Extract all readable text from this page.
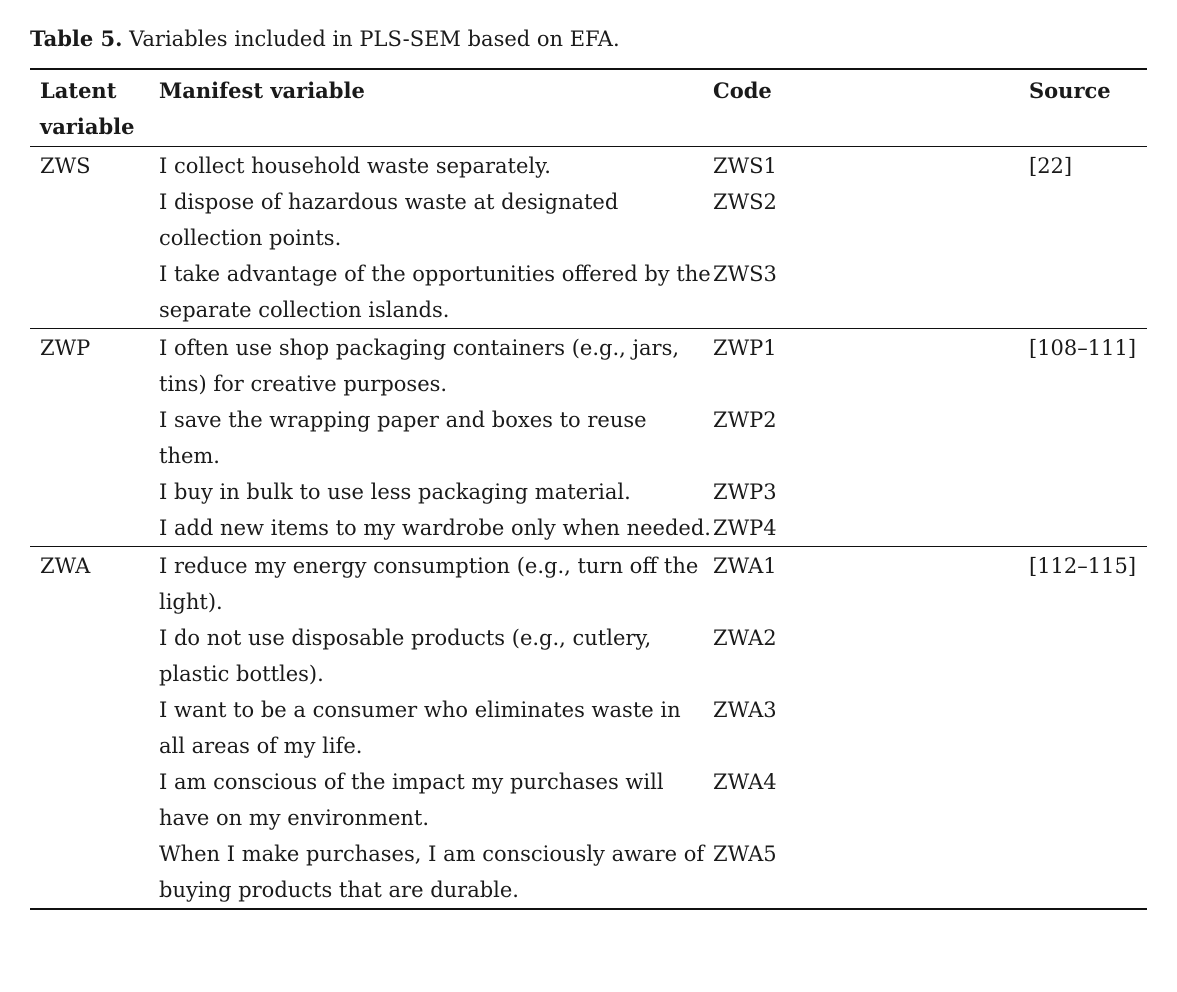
Table 5. Variables included in PLS-SEM based on EFA.
Latent variable	Manifest variable	Code	Source
ZWS	I collect household waste separately.	ZWS1	[22]
	I dispose of hazardous waste at designated collection points.	ZWS2	
	I take advantage of the opportunities offered by the separate collection islands.	ZWS3	
ZWP	I often use shop packaging containers (e.g., jars, tins) for creative purposes.	ZWP1	[108–111]
	I save the wrapping paper and boxes to reuse them.	ZWP2	
	I buy in bulk to use less packaging material.	ZWP3	
	I add new items to my wardrobe only when needed.	ZWP4	
ZWA	I reduce my energy consumption (e.g., turn off the light).	ZWA1	[112–115]
	I do not use disposable products (e.g., cutlery, plastic bottles).	ZWA2	
	I want to be a consumer who eliminates waste in all areas of my life.	ZWA3	
	I am conscious of the impact my purchases will have on my environment.	ZWA4	
	When I make purchases, I am consciously aware of buying products that are durable.	ZWA5	
